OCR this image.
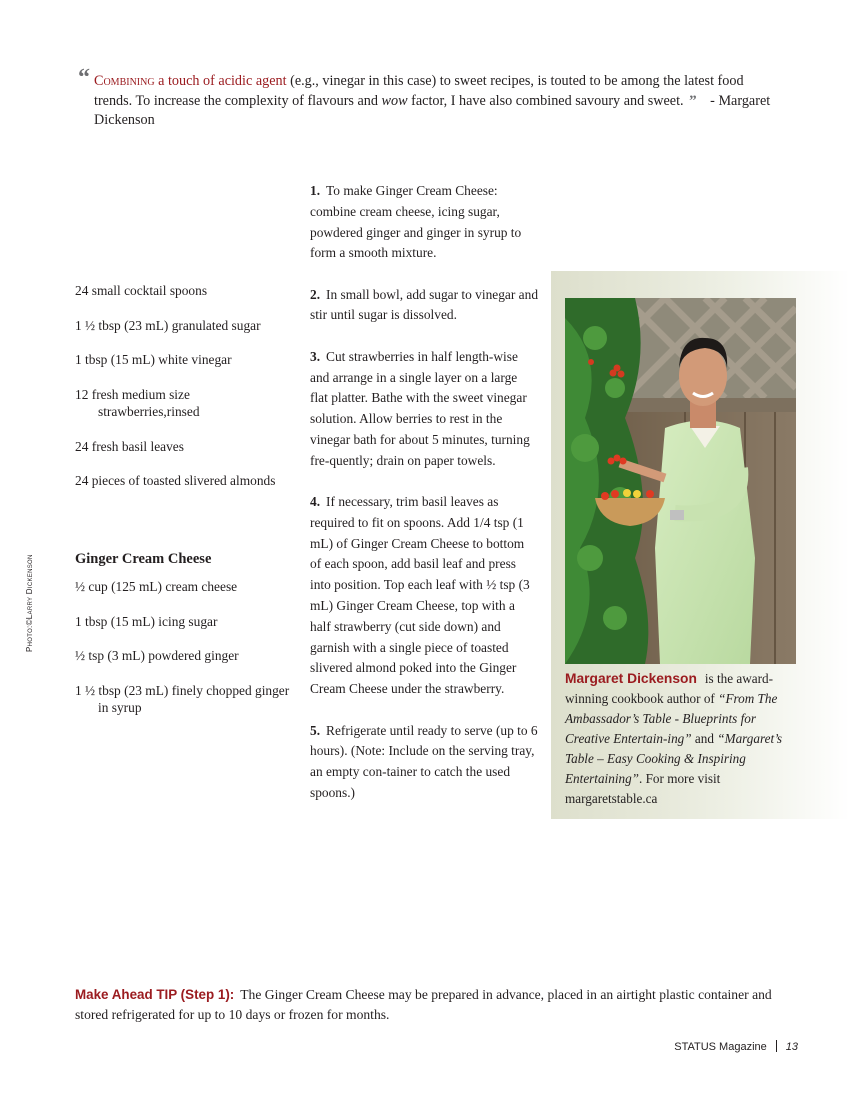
“ Combining a touch of acidic agent (e.g., vinegar in this case) to sweet recipes, is touted to be among the latest food trends. To increase the complexity of flavours and wow factor, I have also combined savoury and sweet. ” - Margaret Dickenson
Photo:©Larry Dickenson
24 small cocktail spoons
1 ½ tbsp (23 mL) granulated sugar
1 tbsp (15 mL) white vinegar
12 fresh medium size strawberries,rinsed
24 fresh basil leaves
24 pieces of toasted slivered almonds
Ginger Cream Cheese
½ cup (125 mL) cream cheese
1 tbsp (15 mL) icing sugar
½ tsp (3 mL) powdered ginger
1 ½ tbsp (23 mL) finely chopped ginger in syrup

1. To make Ginger Cream Cheese: combine cream cheese, icing sugar, powdered ginger and ginger in syrup to form a smooth mixture.

2. In small bowl, add sugar to vinegar and stir until sugar is dissolved.

3. Cut strawberries in half length-wise and arrange in a single layer on a large flat platter. Bathe with the sweet vinegar solution. Allow berries to rest in the vinegar bath for about 5 minutes, turning fre-quently; drain on paper towels.

4. If necessary, trim basil leaves as required to fit on spoons. Add 1/4 tsp (1 mL) of Ginger Cream Cheese to bottom of each spoon, add basil leaf and press into position. Top each leaf with ½ tsp (3 mL) Ginger Cream Cheese, top with a half strawberry (cut side down) and garnish with a single piece of toasted slivered almond poked into the Ginger Cream Cheese under the strawberry.

5. Refrigerate until ready to serve (up to 6 hours). (Note: Include on the serving tray, an empty con-tainer to catch the used spoons.)

Margaret Dickenson is the award-winning cookbook author of “From The Ambassador’s Table - Blueprints for Creative Entertain-ing” and “Margaret’s Table – Easy Cooking & Inspiring Entertaining”. For more visit margaretstable.ca
Make Ahead TIP (Step 1): The Ginger Cream Cheese may be prepared in advance, placed in an airtight plastic container and stored refrigerated for up to 10 days or frozen for months.
STATUS Magazine 13
